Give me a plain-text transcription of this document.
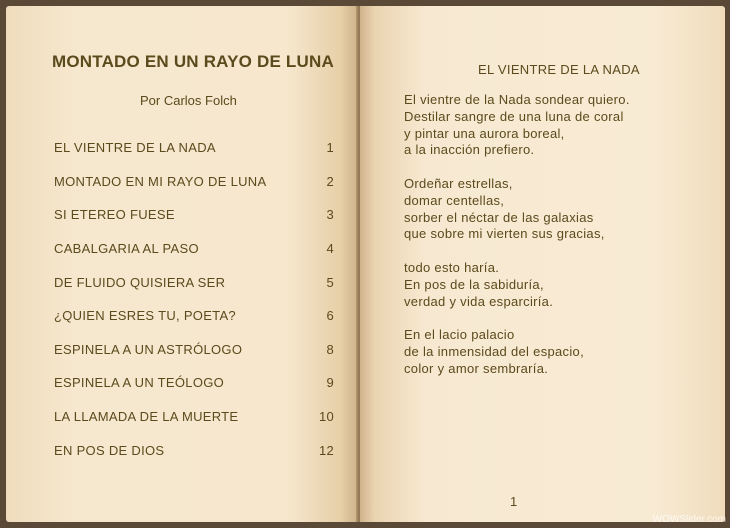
MONTADO EN UN RAYO DE LUNA
Por Carlos Folch
EL VIENTRE DE LA NADA	1
MONTADO EN MI RAYO DE LUNA	2
SI ETEREO FUESE	3
CABALGARIA AL PASO	4
DE FLUIDO QUISIERA SER	5
¿QUIEN ESRES TU, POETA?	6
ESPINELA A UN ASTRÓLOGO	8
ESPINELA A UN TEÓLOGO	9
LA LLAMADA DE LA MUERTE	10
EN POS DE DIOS	12
EL VIENTRE DE LA NADA
El vientre de la Nada sondear quiero.
Destilar sangre de una luna de coral
y pintar una aurora boreal,
a la inacción prefiero.
Ordeñar estrellas,
domar centellas,
sorber el néctar de las galaxias
que sobre mi vierten sus gracias,
todo esto haría.
En pos de la sabiduría,
verdad y vida esparciría.
En el lacio palacio
de la inmensidad del espacio,
color y amor sembraría.
1
WOWSlider.com
